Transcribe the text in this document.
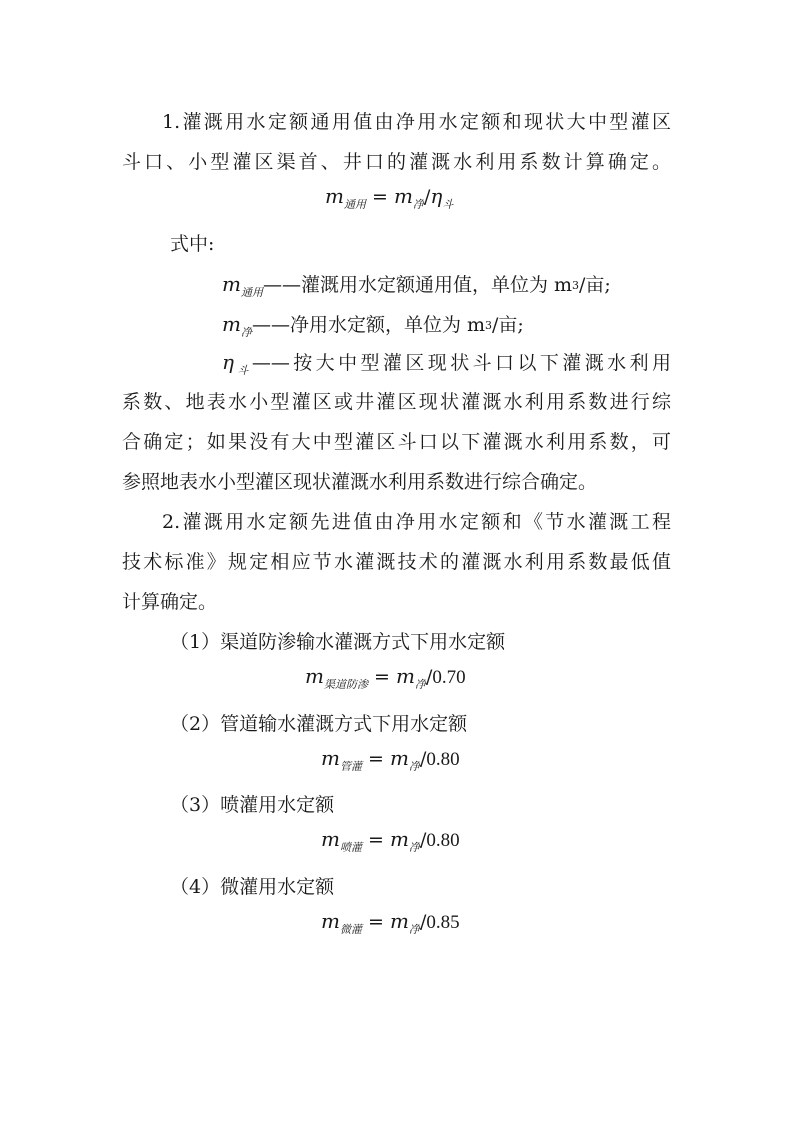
1.灌溉用水定额通用值由净用水定额和现状大中型灌区
斗口、小型灌区渠首、井口的灌溉水利用系数计算确定。
$m_{通用} = m_净/\eta_斗$
式中:
$m_{通用}——$灌溉用水定额通用值，单位为 $m^3/$亩;
$m_净——$净用水定额，单位为 $m^3/$亩;
$\eta_斗——$按大中型灌区现状斗口以下灌溉水利用
系数、地表水小型灌区或井灌区现状灌溉水利用系数进行综
合确定；如果没有大中型灌区斗口以下灌溉水利用系数，可
参照地表水小型灌区现状灌溉水利用系数进行综合确定。
2.灌溉用水定额先进值由净用水定额和《节水灌溉工程
技术标准》规定相应节水灌溉技术的灌溉水利用系数最低值
计算确定。
（1）渠道防渗输水灌溉方式下用水定额
$m_{渠道防渗} = m_净/0.70$
（2）管道输水灌溉方式下用水定额
$m_{管灌} = m_净/0.80$
（3）喷灌用水定额
$m_{喷灌} = m_净/0.80$
（4）微灌用水定额
$m_{微灌} = m_净/0.85$
